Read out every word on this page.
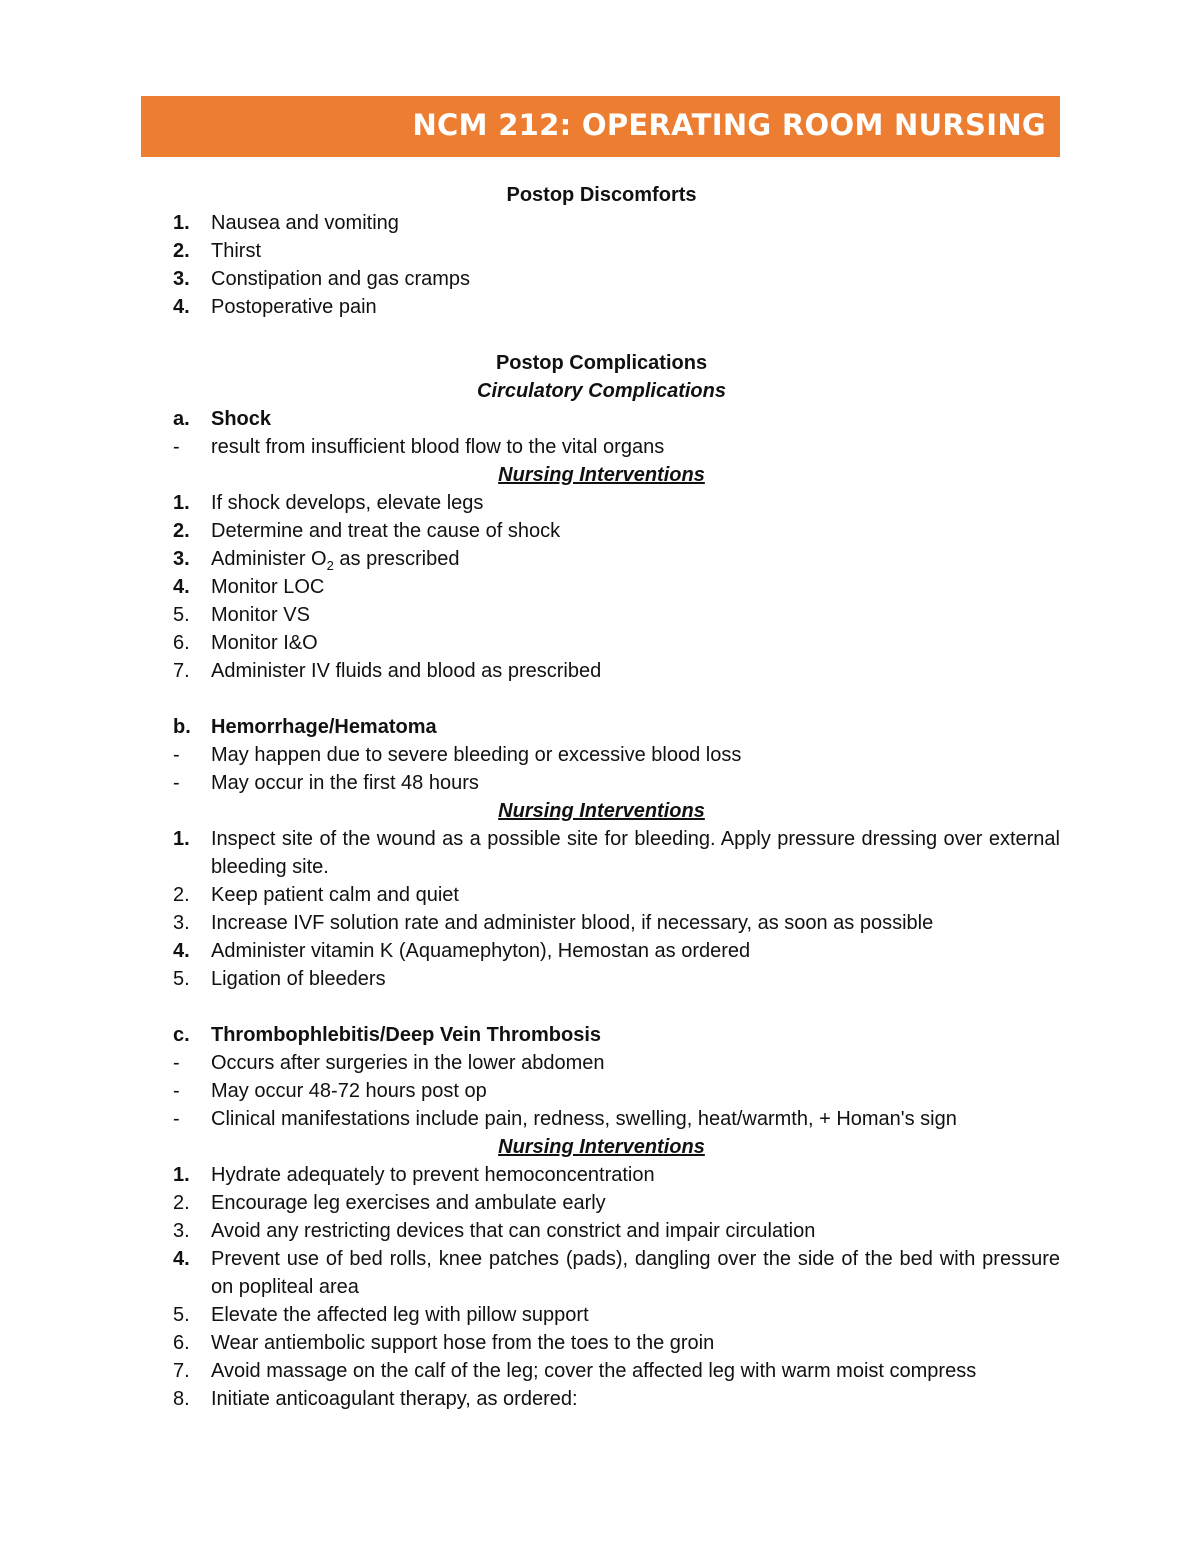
NCM 212: OPERATING ROOM NURSING
Postop Discomforts
1.	Nausea and vomiting
2.	Thirst
3.	Constipation and gas cramps
4.	Postoperative pain
Postop Complications
Circulatory Complications
a.	Shock
-	result from insufficient blood flow to the vital organs
Nursing Interventions
1.	If shock develops, elevate legs
2.	Determine and treat the cause of shock
3.	Administer $O_2$ as prescribed
4.	Monitor LOC
5.	Monitor VS
6.	Monitor I&O
7.	Administer IV fluids and blood as prescribed
b.	Hemorrhage/Hematoma
-	May happen due to severe bleeding or excessive blood loss
-	May occur in the first 48 hours
Nursing Interventions
1.	Inspect site of the wound as a possible site for bleeding. Apply pressure dressing over external bleeding site.
2.	Keep patient calm and quiet
3.	Increase IVF solution rate and administer blood, if necessary, as soon as possible
4.	Administer vitamin K (Aquamephyton), Hemostan as ordered
5.	Ligation of bleeders
c.	Thrombophlebitis/Deep Vein Thrombosis
-	Occurs after surgeries in the lower abdomen
-	May occur 48-72 hours post op
-	Clinical manifestations include pain, redness, swelling, heat/warmth, + Homan's sign
Nursing Interventions
1.	Hydrate adequately to prevent hemoconcentration
2.	Encourage leg exercises and ambulate early
3.	Avoid any restricting devices that can constrict and impair circulation
4.	Prevent use of bed rolls, knee patches (pads), dangling over the side of the bed with pressure on popliteal area
5.	Elevate the affected leg with pillow support
6.	Wear antiembolic support hose from the toes to the groin
7.	Avoid massage on the calf of the leg; cover the affected leg with warm moist compress
8.	Initiate anticoagulant therapy, as ordered:
